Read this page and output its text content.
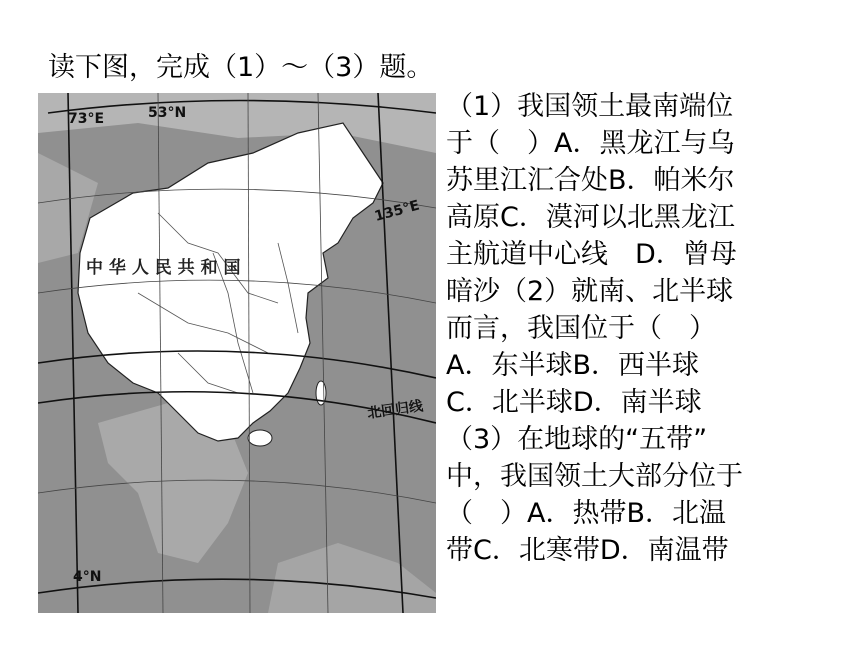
读下图，完成（1）～（3）题。
73°E	53°N
135°E
中 华 人 民 共 和 国
北回归线
4°N
（1）我国领土最南端位
于（　）A．黑龙江与乌
苏里江汇合处B．帕米尔
高原C．漠河以北黑龙江
主航道中心线　D．曾母
暗沙（2）就南、北半球
而言，我国位于（　）
A．东半球B．西半球
C．北半球D．南半球
（3）在地球的“五带”
中，我国领土大部分位于
（　）A．热带B．北温
带C．北寒带D．南温带
